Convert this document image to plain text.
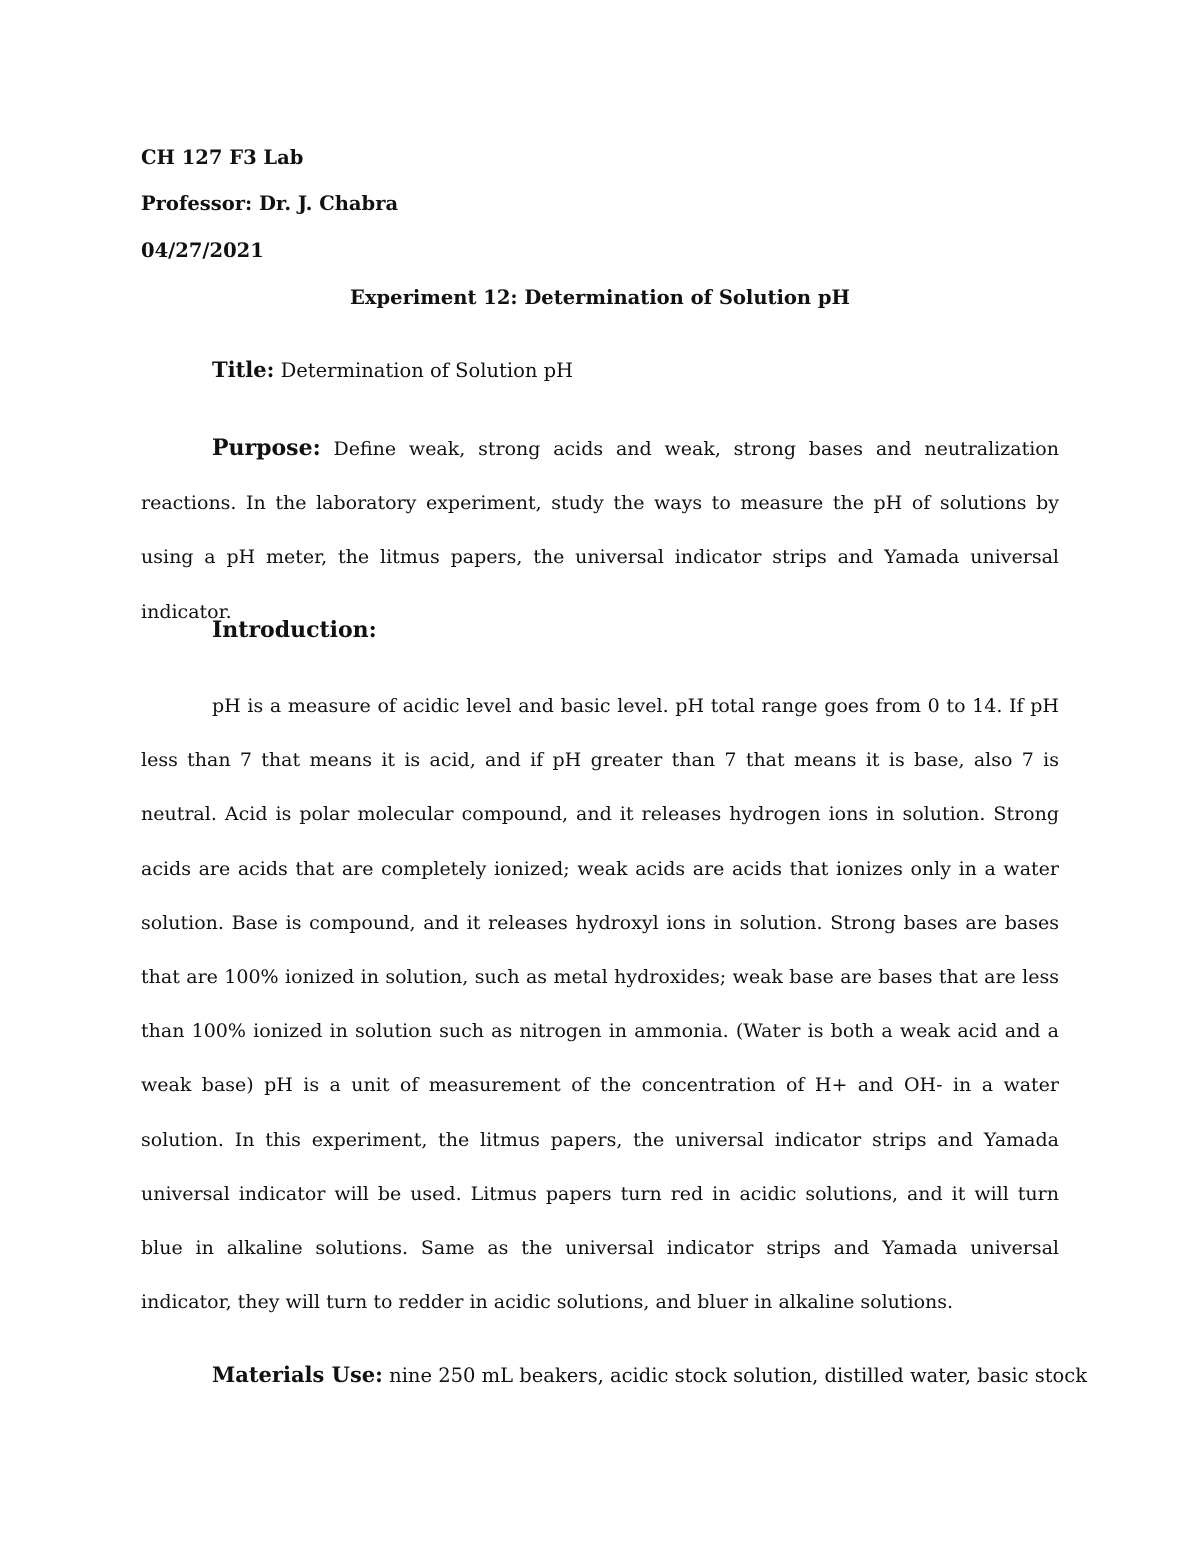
CH 127 F3 Lab
Professor: Dr. J. Chabra
04/27/2021
Experiment 12: Determination of Solution pH
Title: Determination of Solution pH
Purpose: Define weak, strong acids and weak, strong bases and neutralization reactions. In the laboratory experiment, study the ways to measure the pH of solutions by using a pH meter, the litmus papers, the universal indicator strips and Yamada universal indicator.
Introduction:
pH is a measure of acidic level and basic level. pH total range goes from 0 to 14. If pH less than 7 that means it is acid, and if pH greater than 7 that means it is base, also 7 is neutral. Acid is polar molecular compound, and it releases hydrogen ions in solution. Strong acids are acids that are completely ionized; weak acids are acids that ionizes only in a water solution. Base is compound, and it releases hydroxyl ions in solution. Strong bases are bases that are 100% ionized in solution, such as metal hydroxides; weak base are bases that are less than 100% ionized in solution such as nitrogen in ammonia. (Water is both a weak acid and a weak base) pH is a unit of measurement of the concentration of H+ and OH- in a water solution. In this experiment, the litmus papers, the universal indicator strips and Yamada universal indicator will be used. Litmus papers turn red in acidic solutions, and it will turn blue in alkaline solutions. Same as the universal indicator strips and Yamada universal indicator, they will turn to redder in acidic solutions, and bluer in alkaline solutions.
Materials Use: nine 250 mL beakers, acidic stock solution, distilled water, basic stock
